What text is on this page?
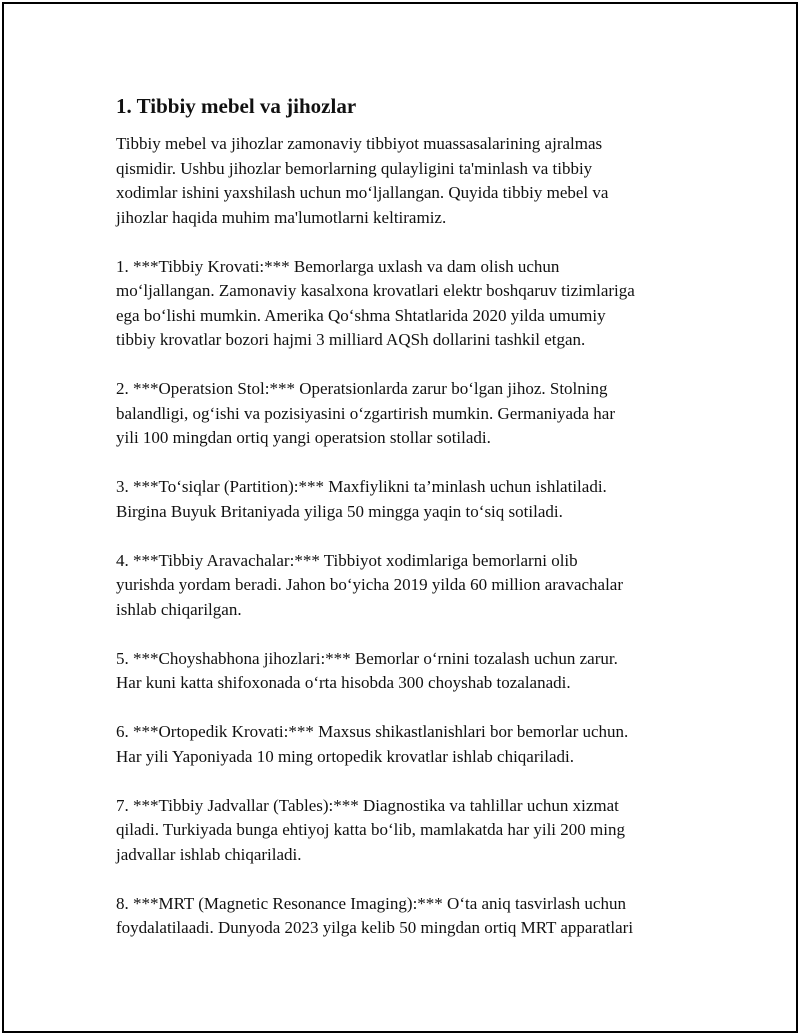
1. Tibbiy mebel va jihozlar

Tibbiy mebel va jihozlar zamonaviy tibbiyot muassasalarining ajralmas
qismidir. Ushbu jihozlar bemorlarning qulayligini ta'minlash va tibbiy
xodimlar ishini yaxshilash uchun mo‘ljallangan. Quyida tibbiy mebel va
jihozlar haqida muhim ma'lumotlarni keltiramiz.

1. ***Tibbiy Krovati:*** Bemorlarga uxlash va dam olish uchun
mo‘ljallangan. Zamonaviy kasalxona krovatlari elektr boshqaruv tizimlariga
ega bo‘lishi mumkin. Amerika Qo‘shma Shtatlarida 2020 yilda umumiy
tibbiy krovatlar bozori hajmi 3 milliard AQSh dollarini tashkil etgan.

2. ***Operatsion Stol:*** Operatsionlarda zarur bo‘lgan jihoz. Stolning
balandligi, og‘ishi va pozisiyasini o‘zgartirish mumkin. Germaniyada har
yili 100 mingdan ortiq yangi operatsion stollar sotiladi.

3. ***To‘siqlar (Partition):*** Maxfiylikni ta’minlash uchun ishlatiladi.
Birgina Buyuk Britaniyada yiliga 50 mingga yaqin to‘siq sotiladi.

4. ***Tibbiy Aravachalar:*** Tibbiyot xodimlariga bemorlarni olib
yurishda yordam beradi. Jahon bo‘yicha 2019 yilda 60 million aravachalar
ishlab chiqarilgan.

5. ***Choyshabhona jihozlari:*** Bemorlar o‘rnini tozalash uchun zarur.
Har kuni katta shifoxonada o‘rta hisobda 300 choyshab tozalanadi.

6. ***Ortopedik Krovati:*** Maxsus shikastlanishlari bor bemorlar uchun.
Har yili Yaponiyada 10 ming ortopedik krovatlar ishlab chiqariladi.

7. ***Tibbiy Jadvallar (Tables):*** Diagnostika va tahlillar uchun xizmat
qiladi. Turkiyada bunga ehtiyoj katta bo‘lib, mamlakatda har yili 200 ming
jadvallar ishlab chiqariladi.

8. ***MRT (Magnetic Resonance Imaging):*** O‘ta aniq tasvirlash uchun
foydalatilaadi. Dunyoda 2023 yilga kelib 50 mingdan ortiq MRT apparatlari
